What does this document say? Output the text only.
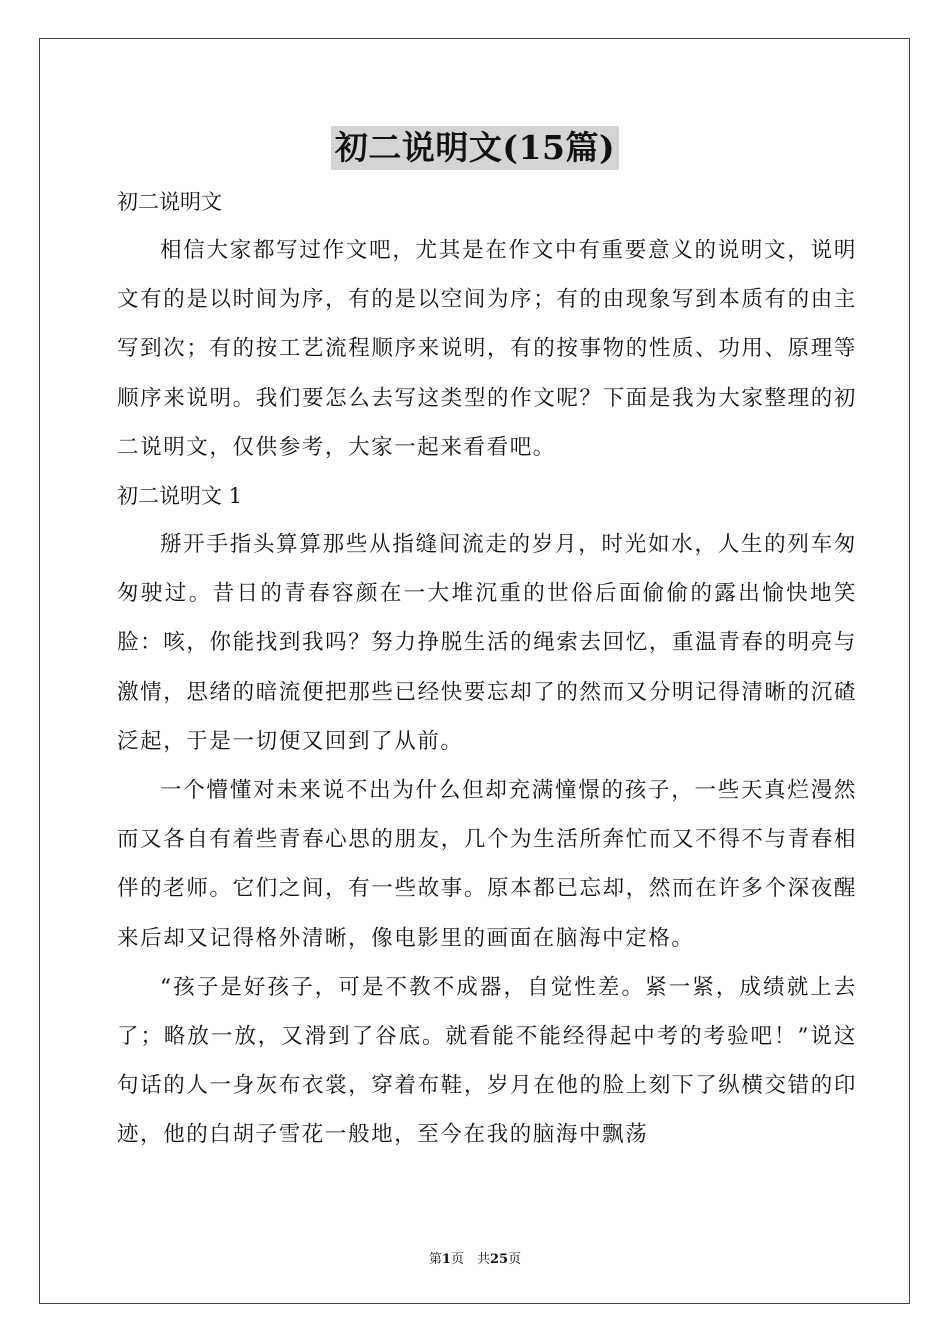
初二说明文(15篇)

初二说明文

相信大家都写过作文吧，尤其是在作文中有重要意义的说明文，说明文有的是以时间为序，有的是以空间为序；有的由现象写到本质有的由主写到次；有的按工艺流程顺序来说明，有的按事物的性质、功用、原理等顺序来说明。我们要怎么去写这类型的作文呢？下面是我为大家整理的初二说明文，仅供参考，大家一起来看看吧。

初二说明文 1

掰开手指头算算那些从指缝间流走的岁月，时光如水，人生的列车匆匆驶过。昔日的青春容颜在一大堆沉重的世俗后面偷偷的露出愉快地笑脸：咳，你能找到我吗？努力挣脱生活的绳索去回忆，重温青春的明亮与激情，思绪的暗流便把那些已经快要忘却了的然而又分明记得清晰的沉碴泛起，于是一切便又回到了从前。

一个懵懂对未来说不出为什么但却充满憧憬的孩子，一些天真烂漫然而又各自有着些青春心思的朋友，几个为生活所奔忙而又不得不与青春相伴的老师。它们之间，有一些故事。原本都已忘却，然而在许多个深夜醒来后却又记得格外清晰，像电影里的画面在脑海中定格。

“孩子是好孩子，可是不教不成器，自觉性差。紧一紧，成绩就上去了；略放一放，又滑到了谷底。就看能不能经得起中考的考验吧！”说这句话的人一身灰布衣裳，穿着布鞋，岁月在他的脸上刻下了纵横交错的印迹，他的白胡子雪花一般地，至今在我的脑海中飘荡

第1页　共25页
